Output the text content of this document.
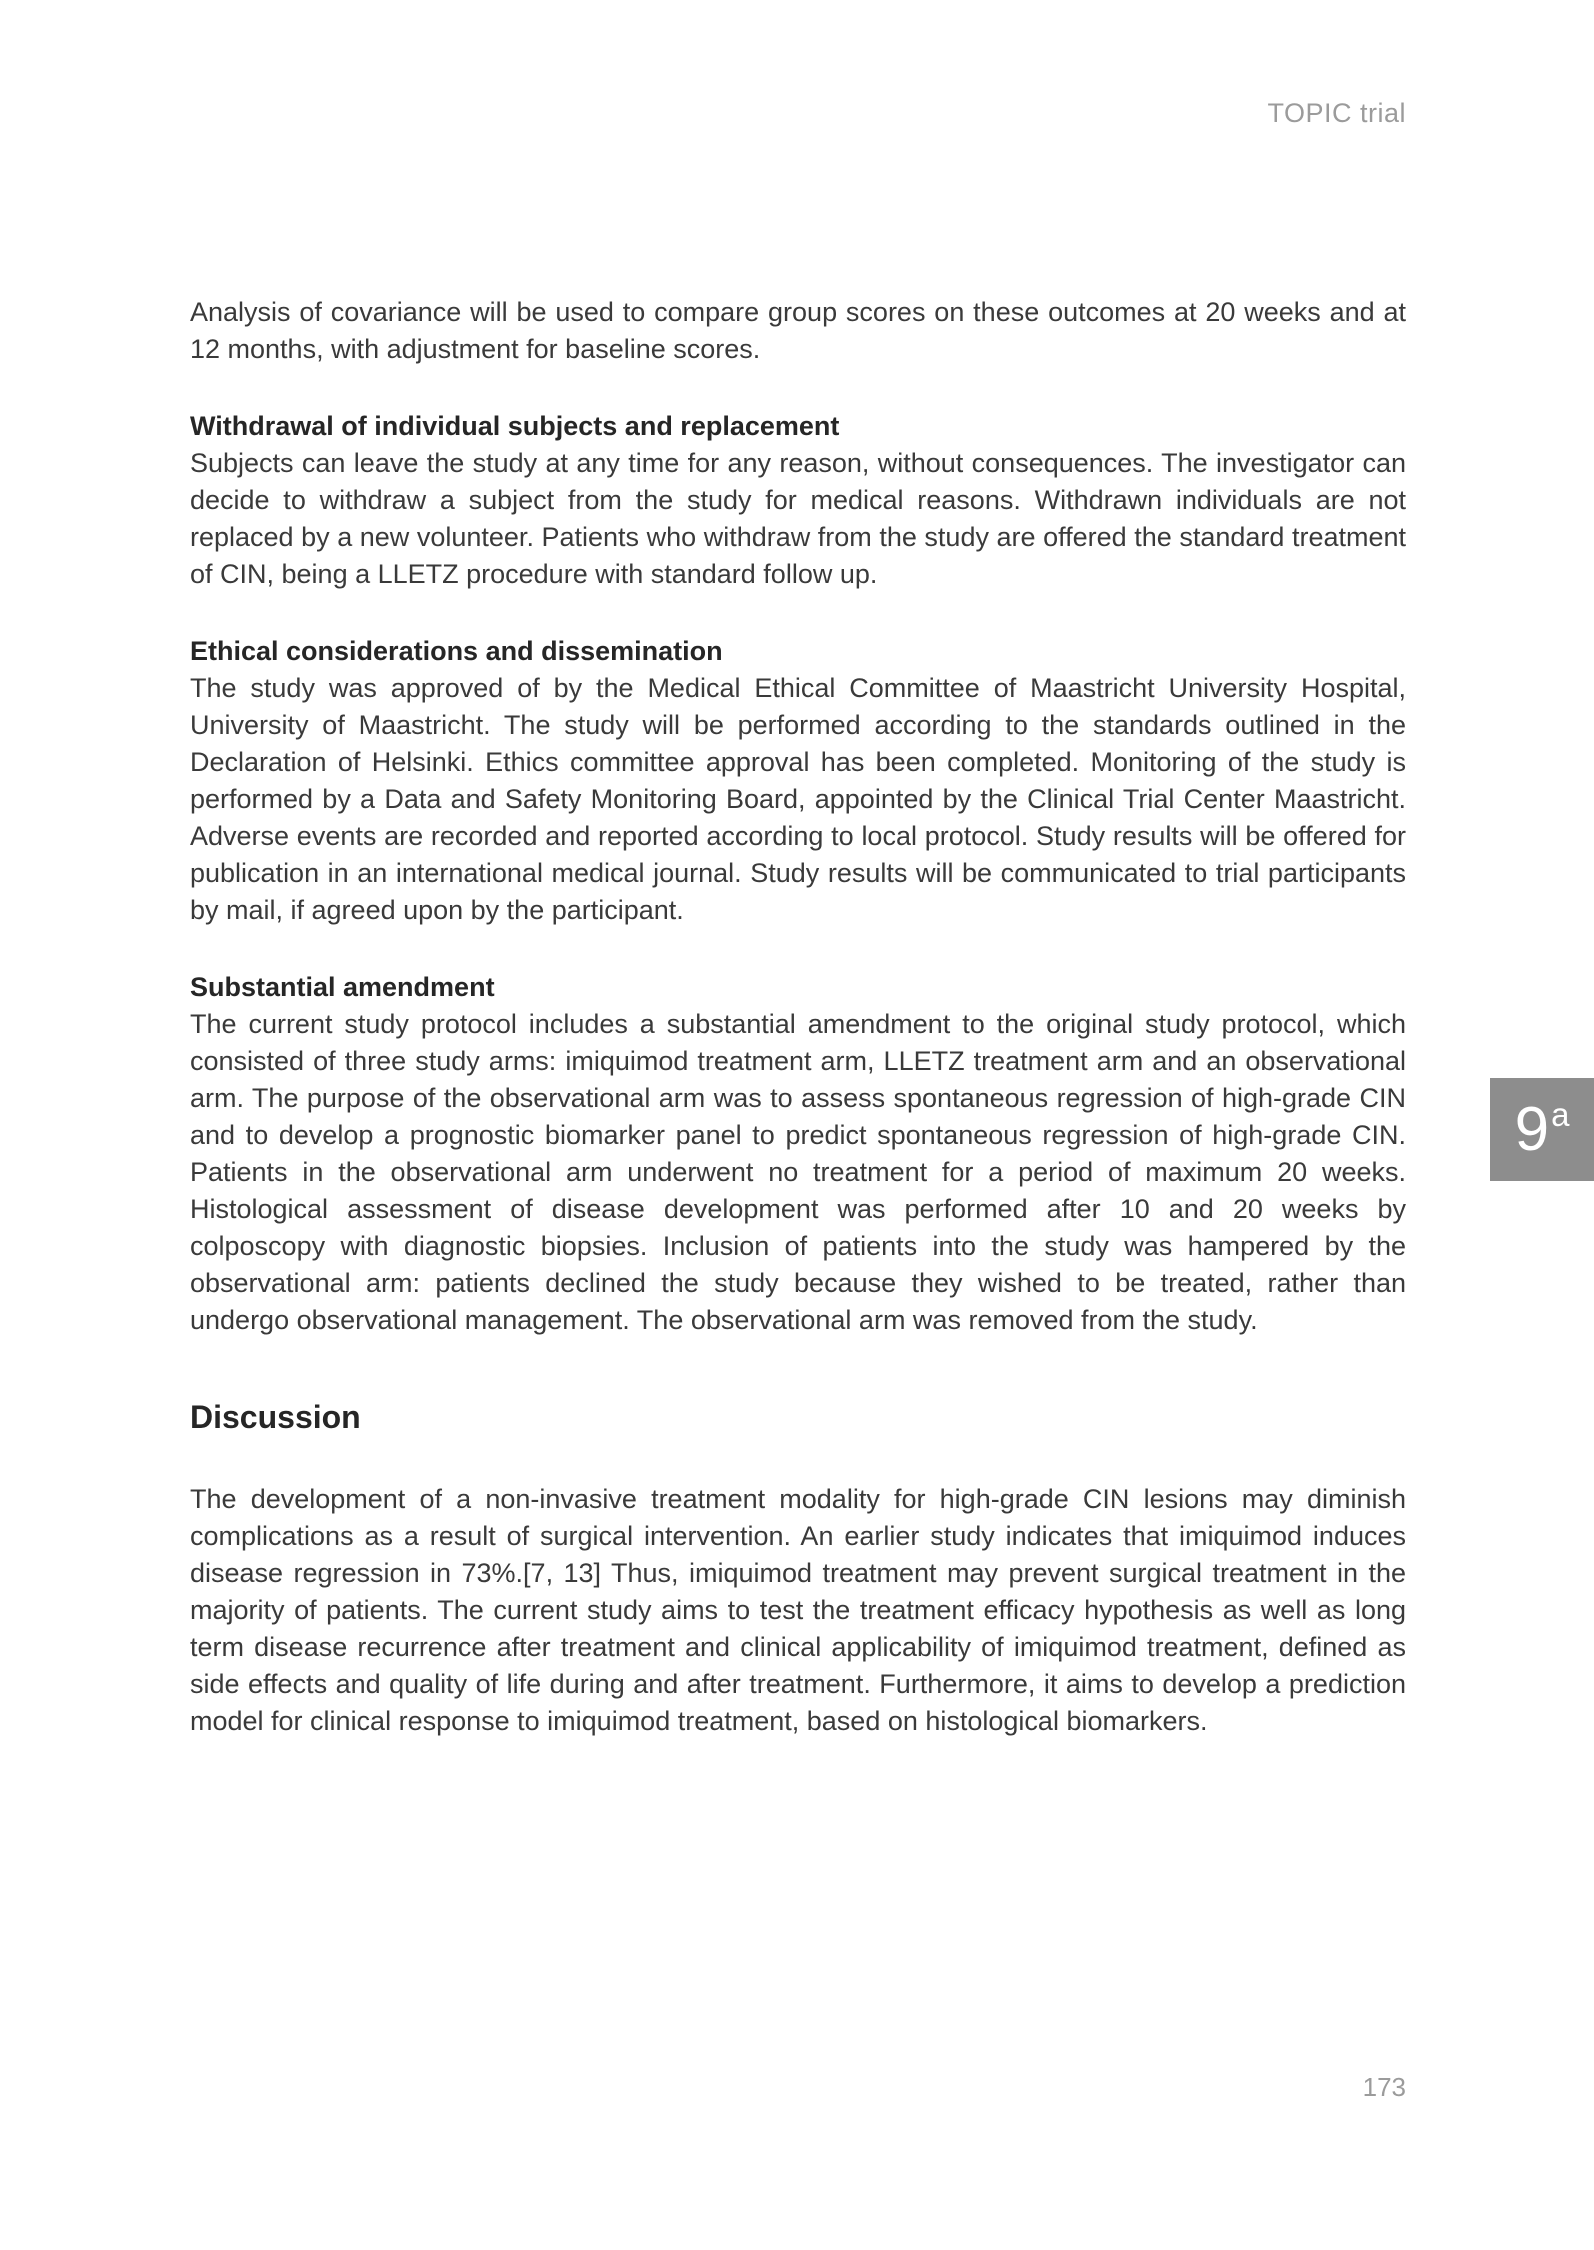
TOPIC trial

Analysis of covariance will be used to compare group scores on these outcomes at 20 weeks and at 12 months, with adjustment for baseline scores.

Withdrawal of individual subjects and replacement

Subjects can leave the study at any time for any reason, without consequences. The investigator can decide to withdraw a subject from the study for medical reasons. Withdrawn individuals are not replaced by a new volunteer. Patients who withdraw from the study are offered the standard treatment of CIN, being a LLETZ procedure with standard follow up.

Ethical considerations and dissemination

The study was approved of by the Medical Ethical Committee of Maastricht University Hospital, University of Maastricht. The study will be performed according to the standards outlined in the Declaration of Helsinki. Ethics committee approval has been completed. Monitoring of the study is performed by a Data and Safety Monitoring Board, appointed by the Clinical Trial Center Maastricht. Adverse events are recorded and reported according to local protocol. Study results will be offered for publication in an international medical journal. Study results will be communicated to trial participants by mail, if agreed upon by the participant.

Substantial amendment

The current study protocol includes a substantial amendment to the original study protocol, which consisted of three study arms: imiquimod treatment arm, LLETZ treatment arm and an observational arm. The purpose of the observational arm was to assess spontaneous regression of high-grade CIN and to develop a prognostic biomarker panel to predict spontaneous regression of high-grade CIN. Patients in the observational arm underwent no treatment for a period of maximum 20 weeks. Histological assessment of disease development was performed after 10 and 20 weeks by colposcopy with diagnostic biopsies. Inclusion of patients into the study was hampered by the observational arm: patients declined the study because they wished to be treated, rather than undergo observational management. The observational arm was removed from the study.

Discussion

The development of a non-invasive treatment modality for high-grade CIN lesions may diminish complications as a result of surgical intervention. An earlier study indicates that imiquimod induces disease regression in 73%.[7, 13] Thus, imiquimod treatment may prevent surgical treatment in the majority of patients. The current study aims to test the treatment efficacy hypothesis as well as long term disease recurrence after treatment and clinical applicability of imiquimod treatment, defined as side effects and quality of life during and after treatment. Furthermore, it aims to develop a prediction model for clinical response to imiquimod treatment, based on histological biomarkers.

9 a
173
